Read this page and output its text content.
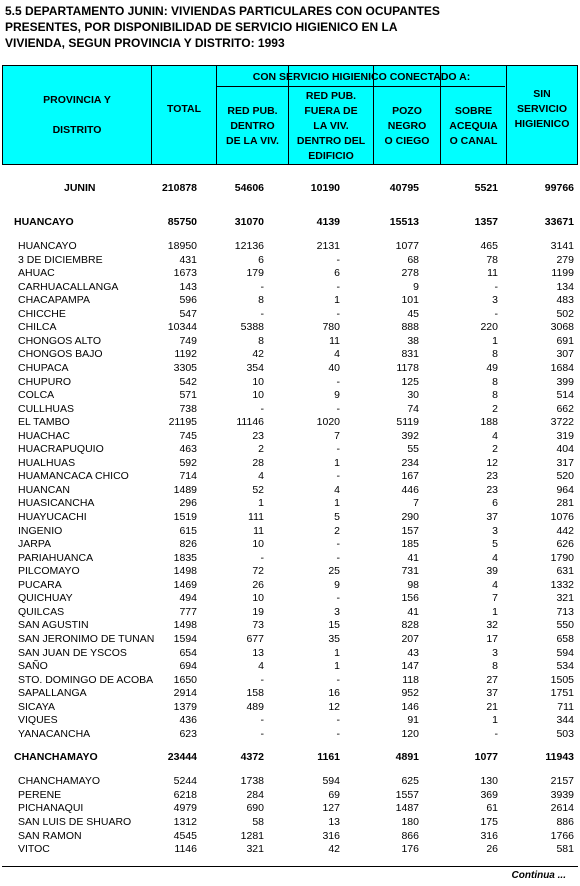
5.5 DEPARTAMENTO JUNIN: VIVIENDAS PARTICULARES CON OCUPANTES
PRESENTES, POR DISPONIBILIDAD DE SERVICIO HIGIENICO EN LA
VIVIENDA, SEGUN PROVINCIA Y DISTRITO: 1993
PROVINCIA Y
DISTRITO
TOTAL
CON SERVICIO HIGIENICO CONECTADO A:
RED PUB.
DENTRO
DE LA VIV.
RED PUB.
FUERA DE
LA VIV.
DENTRO DEL
EDIFICIO
POZO
NEGRO
O CIEGO
SOBRE
ACEQUIA
O CANAL
SIN
SERVICIO
HIGIENICO
JUNIN	210878	54606	10190	40795	5521	99766
HUANCAYO	85750	31070	4139	15513	1357	33671
HUANCAYO	18950	12136	2131	1077	465	3141
3 DE DICIEMBRE	431	6	-	68	78	279
AHUAC	1673	179	6	278	11	1199
CARHUACALLANGA	143	-	-	9	-	134
CHACAPAMPA	596	8	1	101	3	483
CHICCHE	547	-	-	45	-	502
CHILCA	10344	5388	780	888	220	3068
CHONGOS ALTO	749	8	11	38	1	691
CHONGOS BAJO	1192	42	4	831	8	307
CHUPACA	3305	354	40	1178	49	1684
CHUPURO	542	10	-	125	8	399
COLCA	571	10	9	30	8	514
CULLHUAS	738	-	-	74	2	662
EL TAMBO	21195	11146	1020	5119	188	3722
HUACHAC	745	23	7	392	4	319
HUACRAPUQUIO	463	2	-	55	2	404
HUALHUAS	592	28	1	234	12	317
HUAMANCACA CHICO	714	4	-	167	23	520
HUANCAN	1489	52	4	446	23	964
HUASICANCHA	296	1	1	7	6	281
HUAYUCACHI	1519	111	5	290	37	1076
INGENIO	615	11	2	157	3	442
JARPA	826	10	-	185	5	626
PARIAHUANCA	1835	-	-	41	4	1790
PILCOMAYO	1498	72	25	731	39	631
PUCARA	1469	26	9	98	4	1332
QUICHUAY	494	10	-	156	7	321
QUILCAS	777	19	3	41	1	713
SAN AGUSTIN	1498	73	15	828	32	550
SAN JERONIMO DE TUNAN 1594	677	35	207	17	658
SAN JUAN DE YSCOS	654	13	1	43	3	594
SAÑO	694	4	1	147	8	534
STO. DOMINGO DE ACOBA 1650	-	-	118	27	1505
SAPALLANGA	2914	158	16	952	37	1751
SICAYA	1379	489	12	146	21	711
VIQUES	436	-	-	91	1	344
YANACANCHA	623	-	-	120	-	503
CHANCHAMAYO	23444	4372	1161	4891	1077	11943
CHANCHAMAYO	5244	1738	594	625	130	2157
PERENE	6218	284	69	1557	369	3939
PICHANAQUI	4979	690	127	1487	61	2614
SAN LUIS DE SHUARO	1312	58	13	180	175	886
SAN RAMON	4545	1281	316	866	316	1766
VITOC	1146	321	42	176	26	581
Continua ...
